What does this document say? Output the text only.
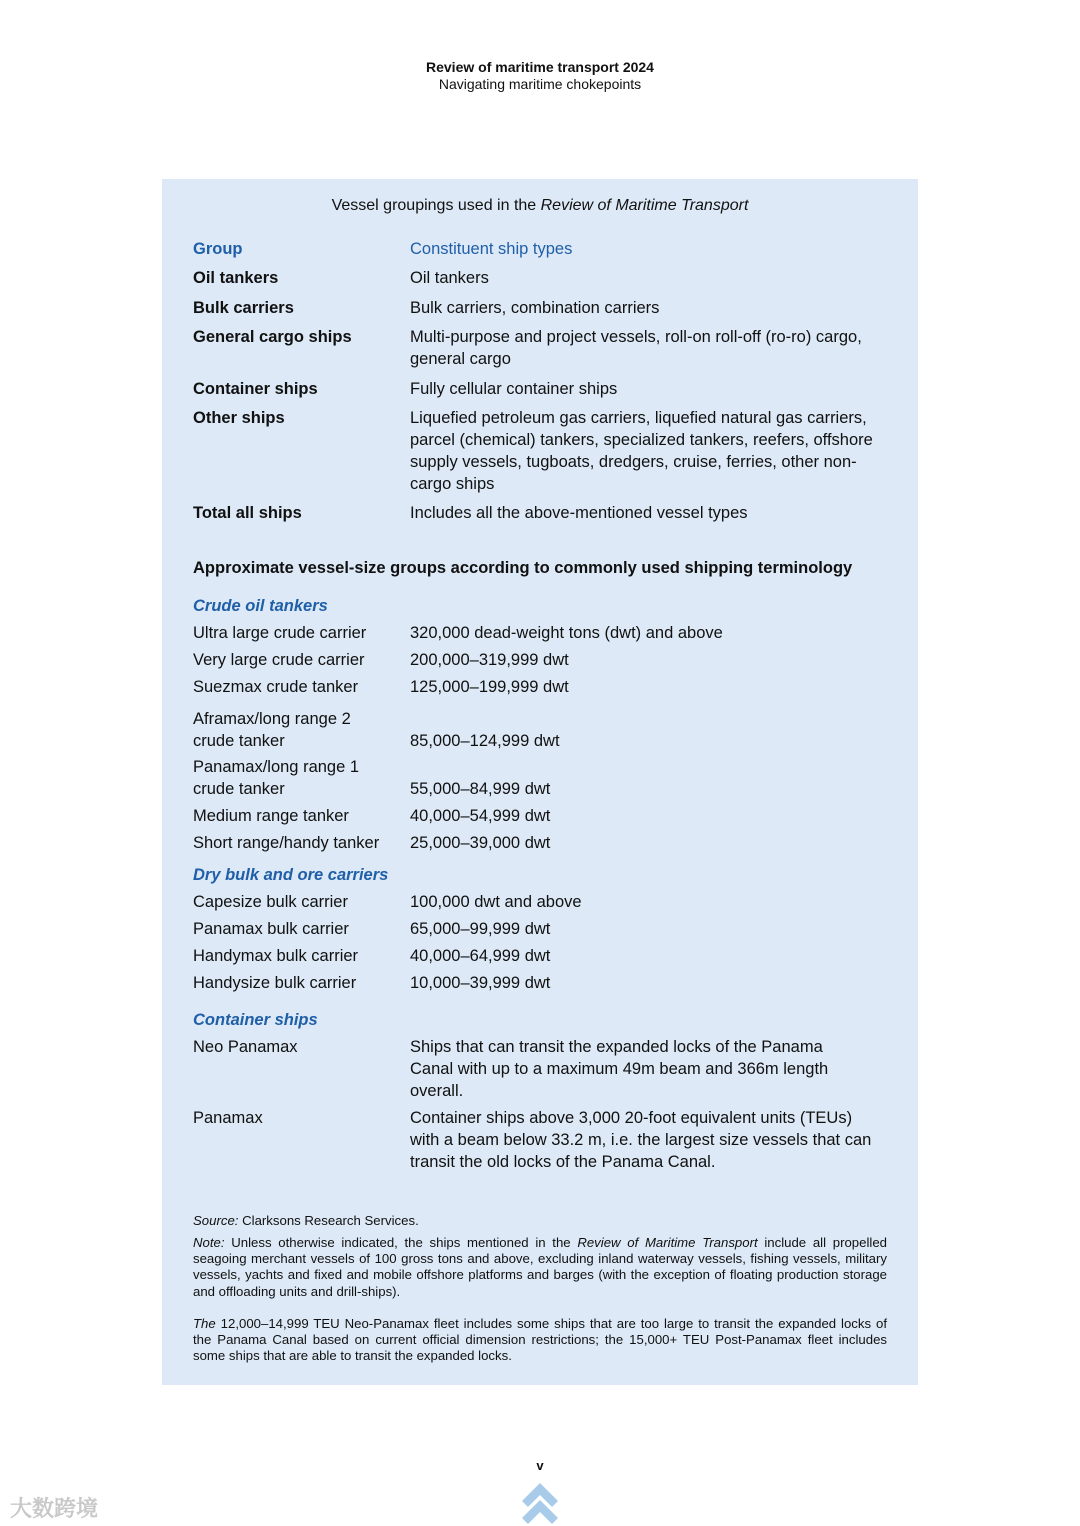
Review of maritime transport 2024
Navigating maritime chokepoints
Vessel groupings used in the Review of Maritime Transport
Group	Constituent ship types
Oil tankers	Oil tankers
Bulk carriers	Bulk carriers, combination carriers
General cargo ships	Multi-purpose and project vessels, roll-on roll-off (ro-ro) cargo, general cargo
Container ships	Fully cellular container ships
Other ships	Liquefied petroleum gas carriers, liquefied natural gas carriers, parcel (chemical) tankers, specialized tankers, reefers, offshore supply vessels, tugboats, dredgers, cruise, ferries, other non-cargo ships
Total all ships	Includes all the above-mentioned vessel types
Approximate vessel-size groups according to commonly used shipping terminology
Crude oil tankers
Ultra large crude carrier	320,000 dead-weight tons (dwt) and above
Very large crude carrier	200,000–319,999 dwt
Suezmax crude tanker	125,000–199,999 dwt
Aframax/long range 2 crude tanker	85,000–124,999 dwt
Panamax/long range 1 crude tanker	55,000–84,999 dwt
Medium range tanker	40,000–54,999 dwt
Short range/handy tanker	25,000–39,000 dwt
Dry bulk and ore carriers
Capesize bulk carrier	100,000 dwt and above
Panamax bulk carrier	65,000–99,999 dwt
Handymax bulk carrier	40,000–64,999 dwt
Handysize bulk carrier	10,000–39,999 dwt
Container ships
Neo Panamax	Ships that can transit the expanded locks of the Panama Canal with up to a maximum 49m beam and 366m length overall.
Panamax	Container ships above 3,000 20-foot equivalent units (TEUs) with a beam below 33.2 m, i.e. the largest size vessels that can transit the old locks of the Panama Canal.
Source: Clarksons Research Services.
Note: Unless otherwise indicated, the ships mentioned in the Review of Maritime Transport include all propelled seagoing merchant vessels of 100 gross tons and above, excluding inland waterway vessels, fishing vessels, military vessels, yachts and fixed and mobile offshore platforms and barges (with the exception of floating production storage and offloading units and drill-ships).
The 12,000–14,999 TEU Neo-Panamax fleet includes some ships that are too large to transit the expanded locks of the Panama Canal based on current official dimension restrictions; the 15,000+ TEU Post-Panamax fleet includes some ships that are able to transit the expanded locks.
v
大数跨境
